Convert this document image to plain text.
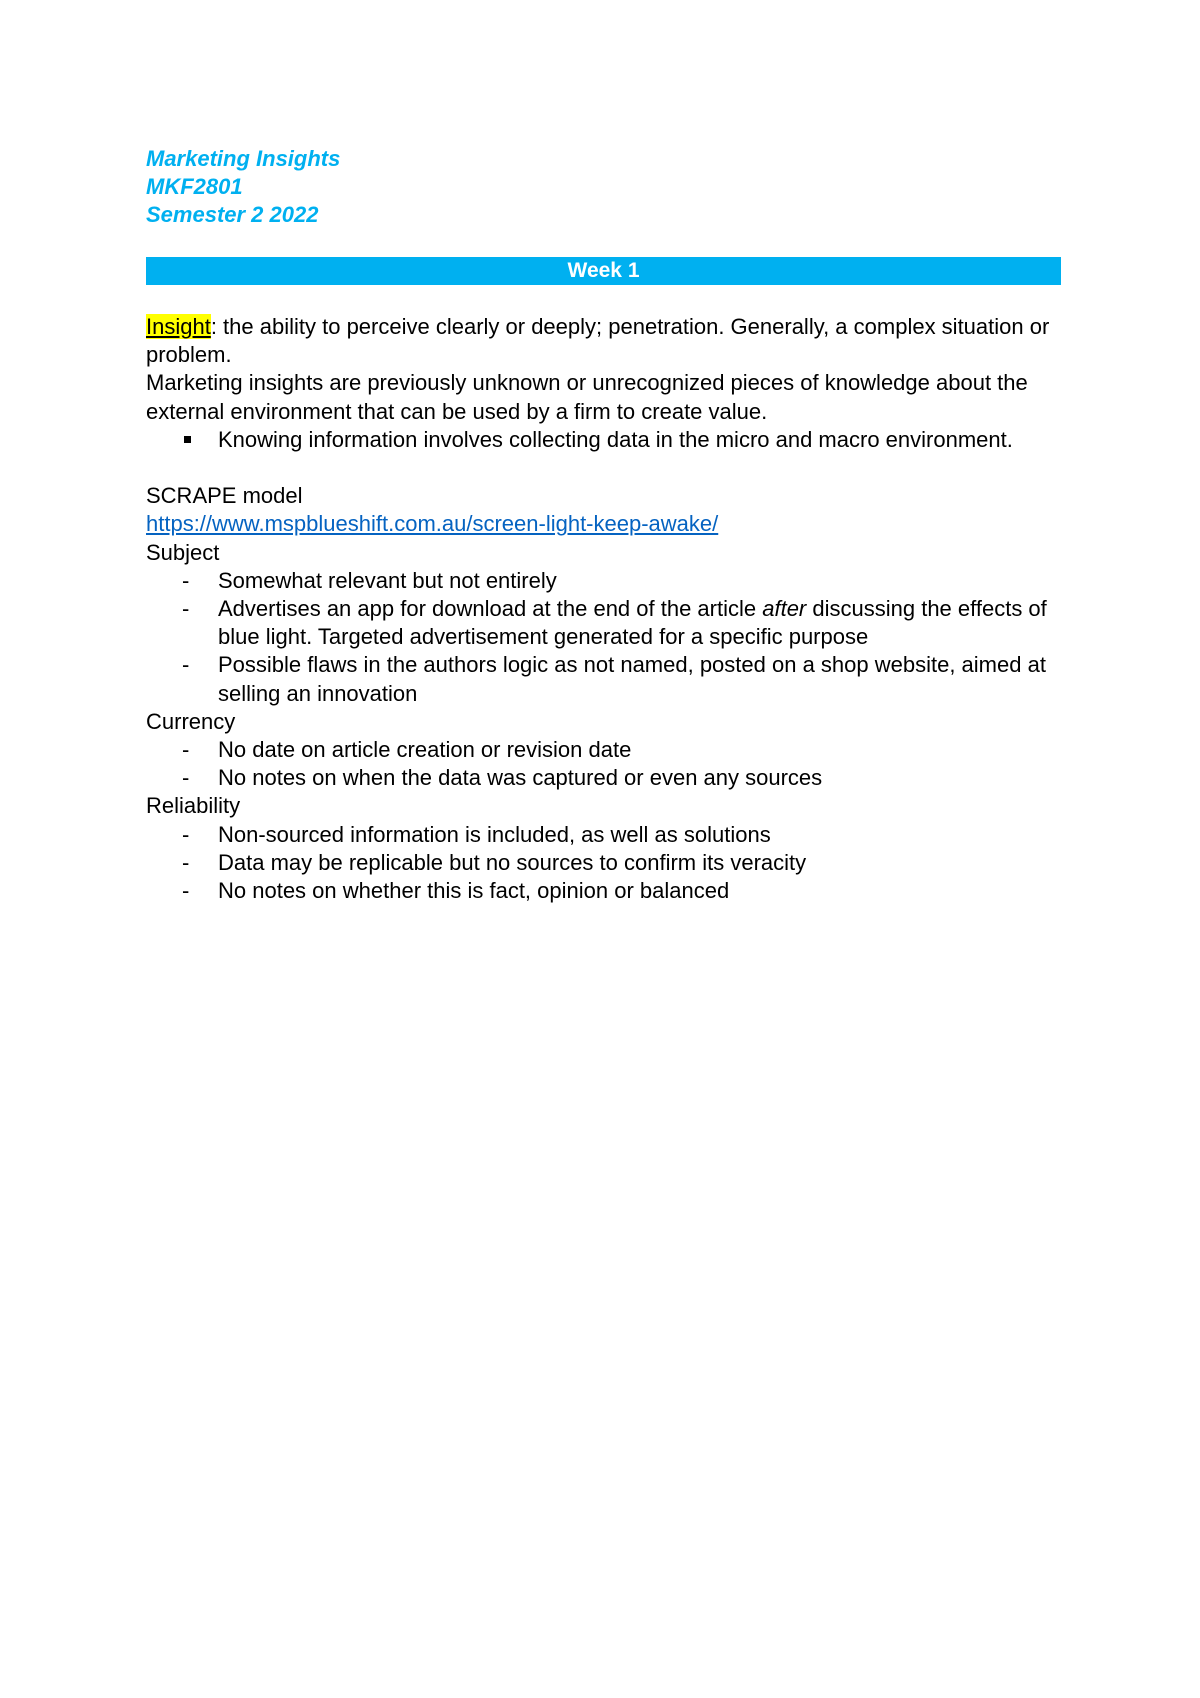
Marketing Insights

MKF2801

Semester 2 2022

Week 1

Insight: the ability to perceive clearly or deeply; penetration. Generally, a complex situation or problem.

Marketing insights are previously unknown or unrecognized pieces of knowledge about the external environment that can be used by a firm to create value.

Knowing information involves collecting data in the micro and macro environment.

SCRAPE model

https://www.mspblueshift.com.au/screen-light-keep-awake/

Subject

- Somewhat relevant but not entirely
- Advertises an app for download at the end of the article after discussing the effects of blue light. Targeted advertisement generated for a specific purpose
- Possible flaws in the authors logic as not named, posted on a shop website, aimed at selling an innovation

Currency

- No date on article creation or revision date
- No notes on when the data was captured or even any sources

Reliability

- Non-sourced information is included, as well as solutions
- Data may be replicable but no sources to confirm its veracity
- No notes on whether this is fact, opinion or balanced
